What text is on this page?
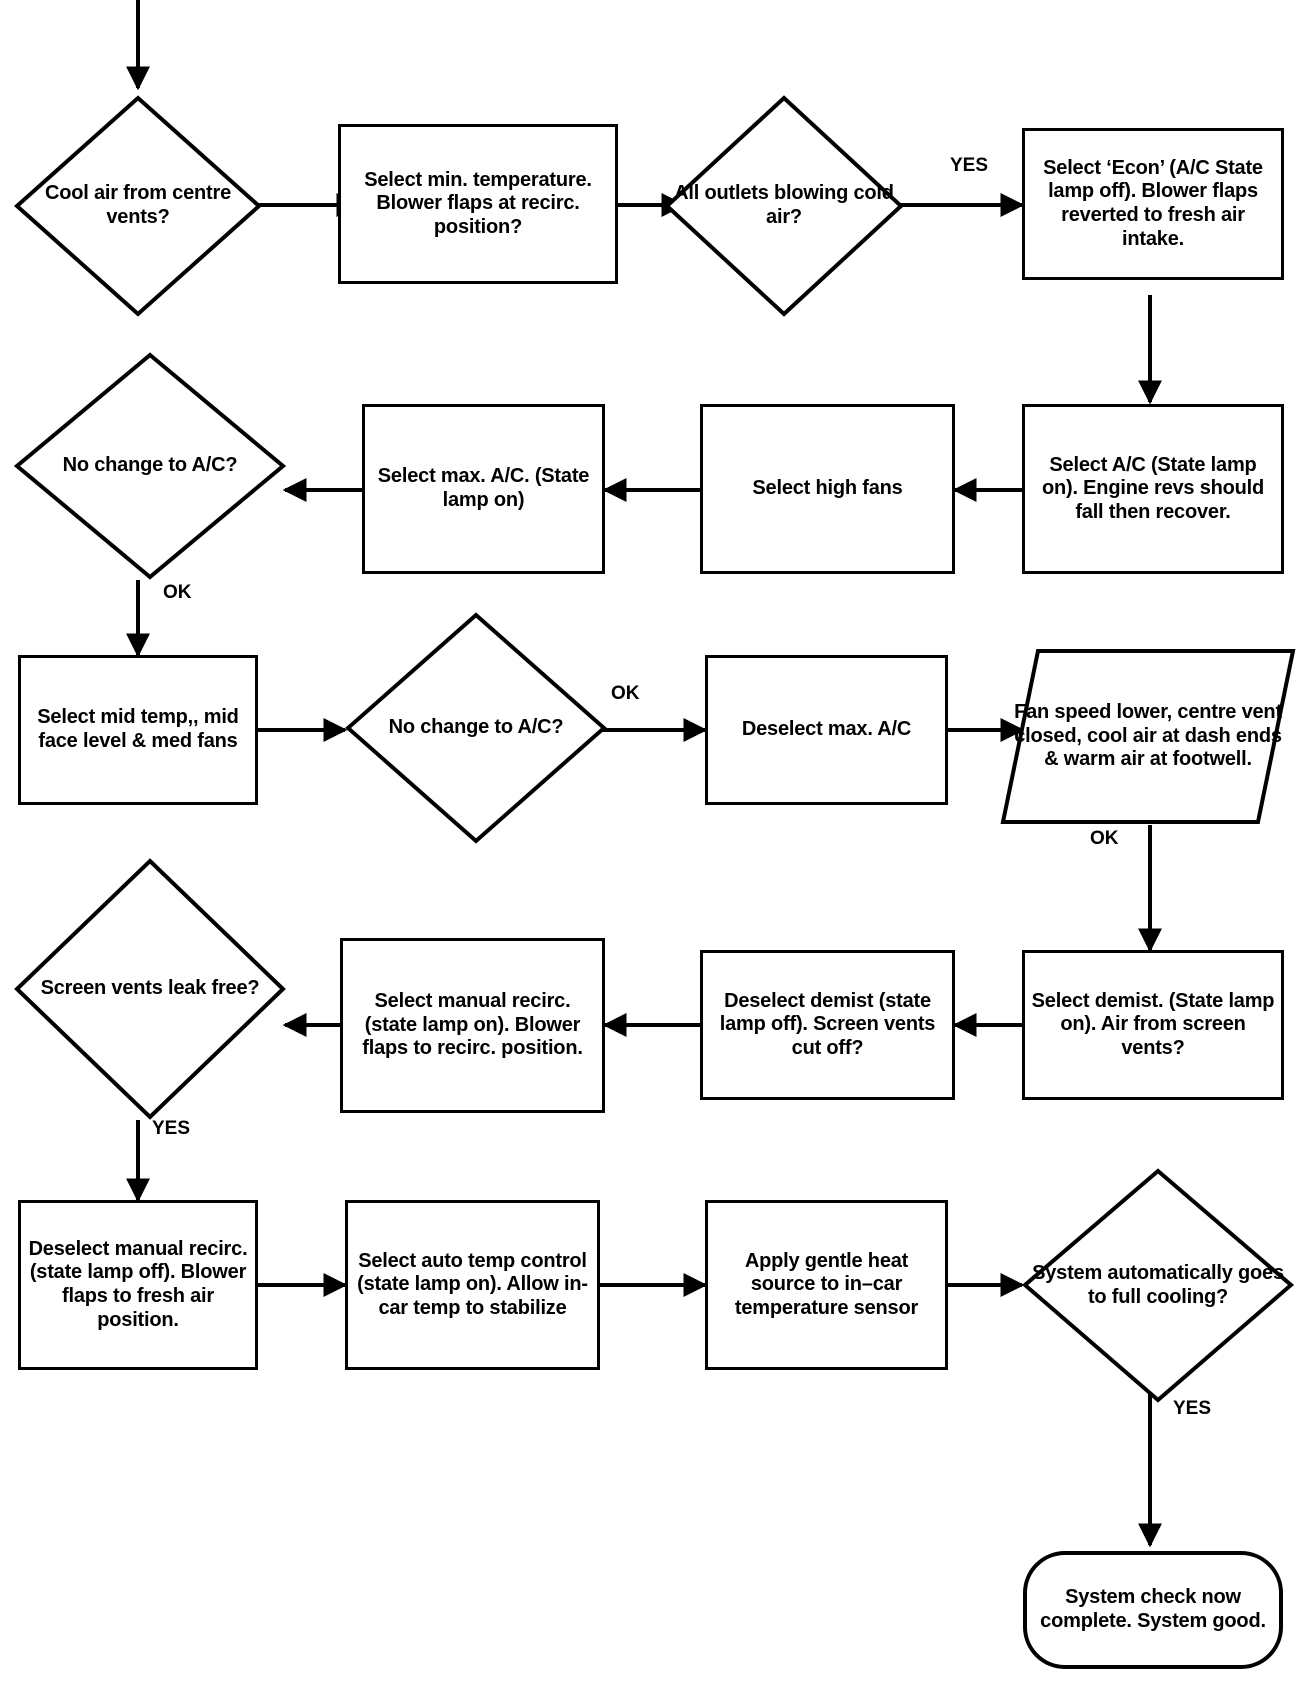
YES
OK
OK
OK
YES
YES
Cool air from centre vents?
Select min. temperature. Blower flaps at recirc. position?
All outlets blowing cold air?
Select ‘Econ’ (A/C State lamp off). Blower flaps reverted to fresh air intake.
Select A/C (State lamp on). Engine revs should fall then recover.
Select high fans
Select max. A/C. (State lamp on)
No change to A/C?
Select mid temp,, mid face level & med fans
No change to A/C?	Deselect max. A/C
Fan speed lower, centre vent closed, cool air at dash ends & warm air at footwell.
Select demist. (State lamp on). Air from screen vents?
Deselect demist (state lamp off). Screen vents cut off?
Select manual recirc. (state lamp on). Blower flaps to recirc. position.
Screen vents leak free?
Deselect manual recirc. (state lamp off). Blower flaps to fresh air position.
Select auto temp control (state lamp on). Allow in-car temp to stabilize
Apply gentle heat source to in–car temperature sensor
System automatically goes to full cooling?
System check now complete. System good.
